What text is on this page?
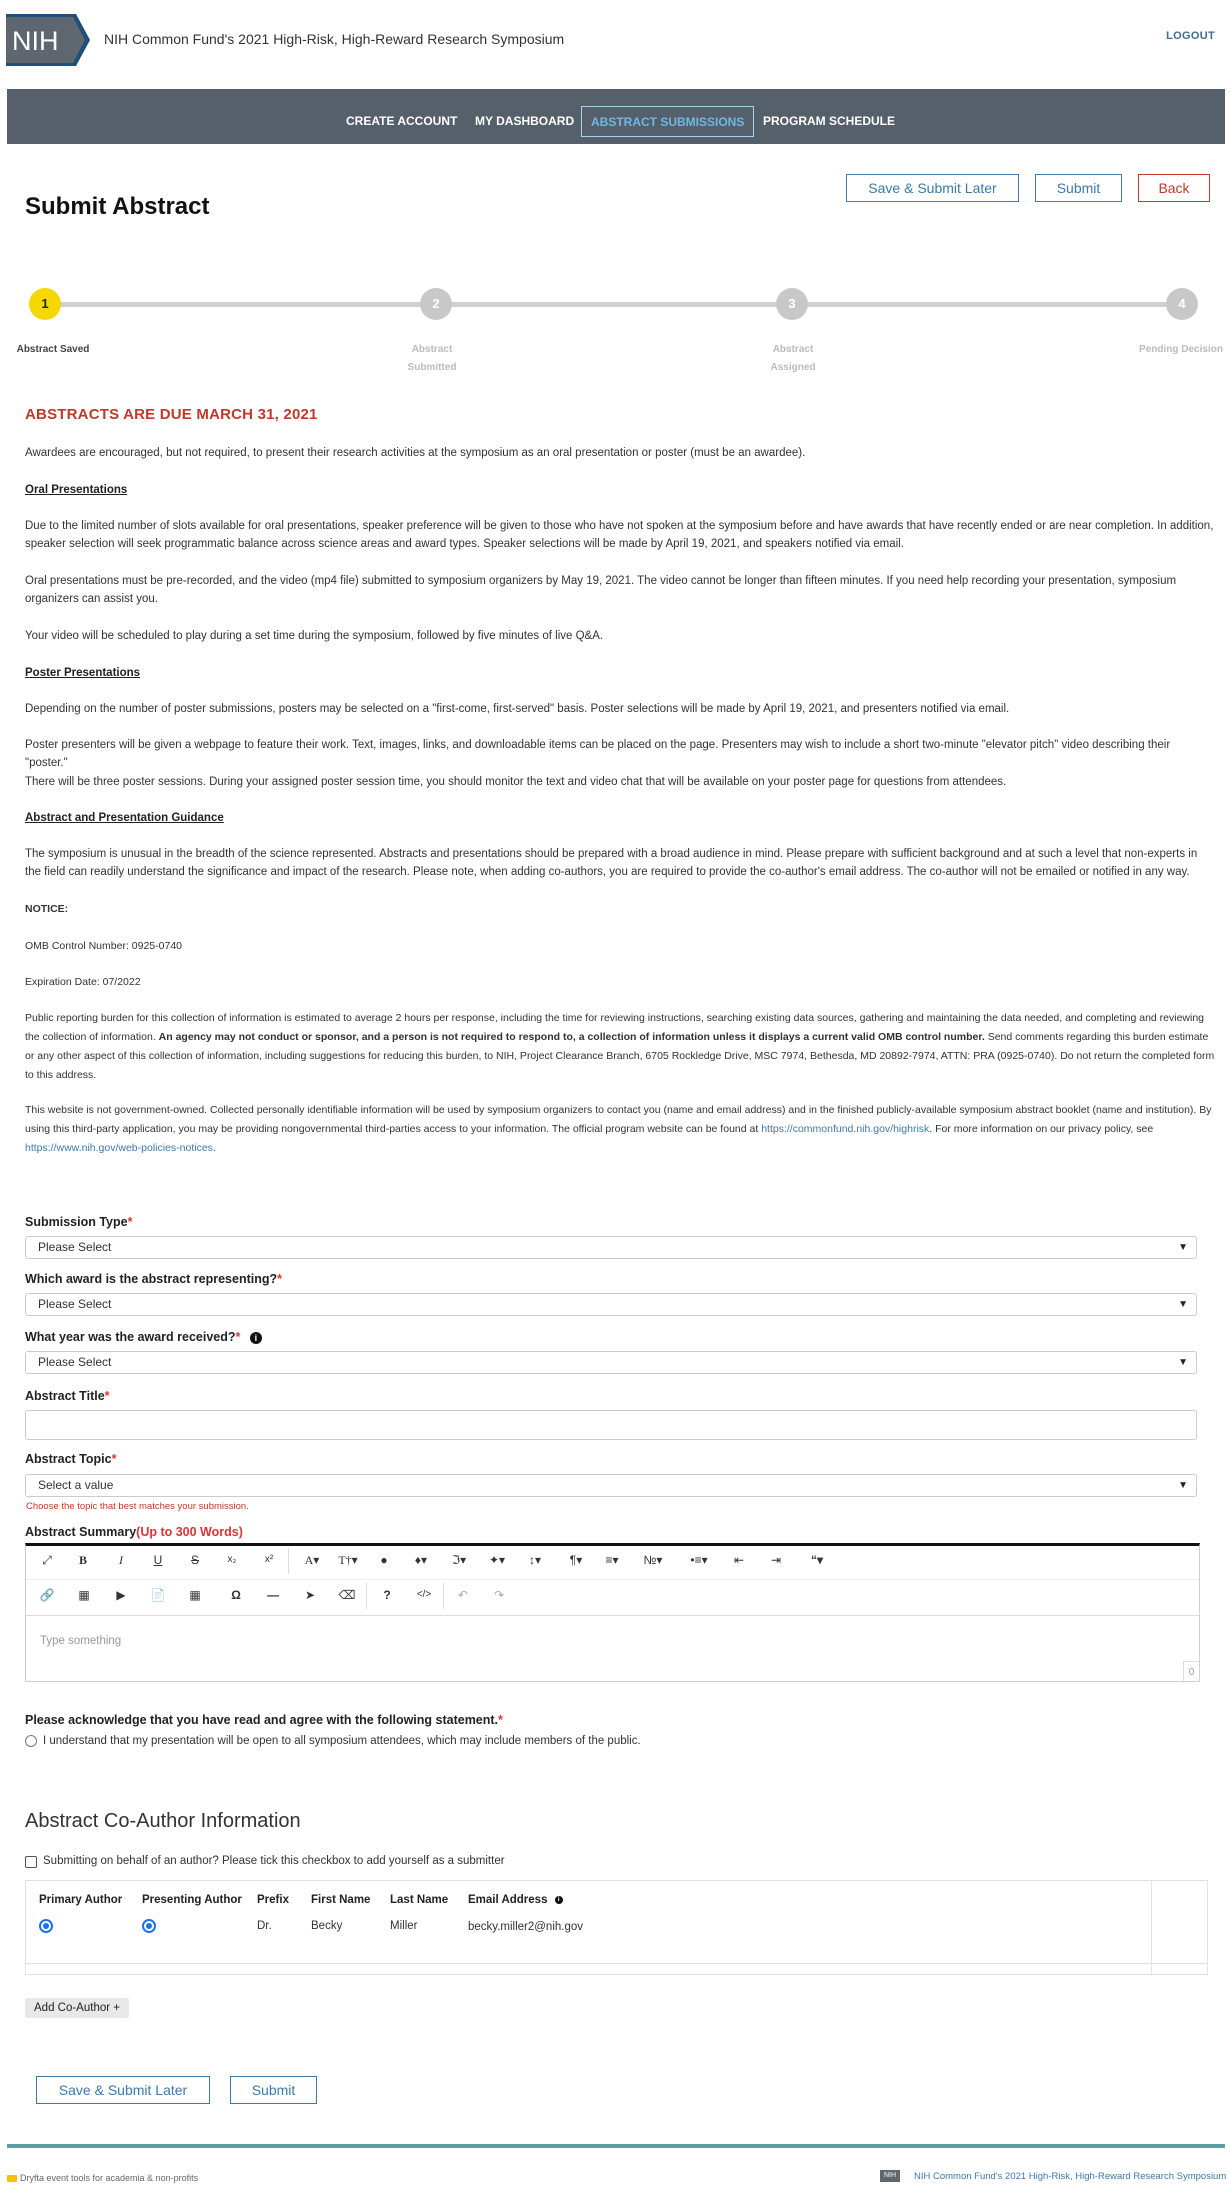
NIH	NIH Common Fund's 2021 High-Risk, High-Reward Research Symposium	LOGOUT
CREATE ACCOUNT	MY DASHBOARD	ABSTRACT SUBMISSIONS	PROGRAM SCHEDULE
Save & Submit Later	Submit	Back
Submit Abstract
1	2	3	4
Abstract Saved	Abstract
Submitted
Abstract
Assigned
Pending Decision
ABSTRACTS ARE DUE MARCH 31, 2021
Awardees are encouraged, but not required, to present their research activities at the symposium as an oral presentation or poster (must be an awardee).
Oral Presentations
Due to the limited number of slots available for oral presentations, speaker preference will be given to those who have not spoken at the symposium before and have awards that have recently ended or are near completion. In addition, speaker selection will seek programmatic balance across science areas and award types. Speaker selections will be made by April 19, 2021, and speakers notified via email.
Oral presentations must be pre-recorded, and the video (mp4 file) submitted to symposium organizers by May 19, 2021. The video cannot be longer than fifteen minutes. If you need help recording your presentation, symposium organizers can assist you.
Your video will be scheduled to play during a set time during the symposium, followed by five minutes of live Q&A.
Poster Presentations
Depending on the number of poster submissions, posters may be selected on a "first-come, first-served" basis. Poster selections will be made by April 19, 2021, and presenters notified via email.
Poster presenters will be given a webpage to feature their work. Text, images, links, and downloadable items can be placed on the page. Presenters may wish to include a short two-minute "elevator pitch" video describing their "poster."
There will be three poster sessions. During your assigned poster session time, you should monitor the text and video chat that will be available on your poster page for questions from attendees.
Abstract and Presentation Guidance
The symposium is unusual in the breadth of the science represented. Abstracts and presentations should be prepared with a broad audience in mind. Please prepare with sufficient background and at such a level that non-experts in the field can readily understand the significance and impact of the research. Please note, when adding co-authors, you are required to provide the co-author's email address. The co-author will not be emailed or notified in any way.
NOTICE:
OMB Control Number: 0925-0740
Expiration Date: 07/2022
Public reporting burden for this collection of information is estimated to average 2 hours per response, including the time for reviewing instructions, searching existing data sources, gathering and maintaining the data needed, and completing and reviewing the collection of information. An agency may not conduct or sponsor, and a person is not required to respond to, a collection of information unless it displays a current valid OMB control number. Send comments regarding this burden estimate or any other aspect of this collection of information, including suggestions for reducing this burden, to NIH, Project Clearance Branch, 6705 Rockledge Drive, MSC 7974, Bethesda, MD 20892-7974, ATTN: PRA (0925-0740). Do not return the completed form to this address.
This website is not government-owned. Collected personally identifiable information will be used by symposium organizers to contact you (name and email address) and in the finished publicly-available symposium abstract booklet (name and institution). By using this third-party application, you may be providing nongovernmental third-parties access to your information. The official program website can be found at https://commonfund.nih.gov/highrisk. For more information on our privacy policy, see https://www.nih.gov/web-policies-notices.
Submission Type*
Please Select	▼
Which award is the abstract representing?*
Please Select	▼
What year was the award received?* i
Please Select	▼
Abstract Title*
Abstract Topic*
Select a value	▼
Choose the topic that best matches your submission.
Abstract Summary(Up to 300 Words)
⤢	B	I	U	S	x₂	x²	A▾	T†▾	●	♦▾	ℑ▾	✦▾	↕▾	¶▾	≡▾	№▾	•≡▾	⇤	⇥	“▾
🔗	▦	▶	📄	▦	Ω	—	➤	⌫	?	</>	↶	↷
Type something
0
Please acknowledge that you have read and agree with the following statement.*
I understand that my presentation will be open to all symposium attendees, which may include members of the public.
Abstract Co-Author Information
Submitting on behalf of an author? Please tick this checkbox to add yourself as a submitter
Primary Author Presenting Author Prefix First Name Last Name Email Address i
Dr.	Becky	Miller	becky.miller2@nih.gov
Add Co-Author +
Save & Submit Later	Submit
Dryfta event tools for academia & non-profits	NIH	NIH Common Fund's 2021 High-Risk, High-Reward Research Symposium
